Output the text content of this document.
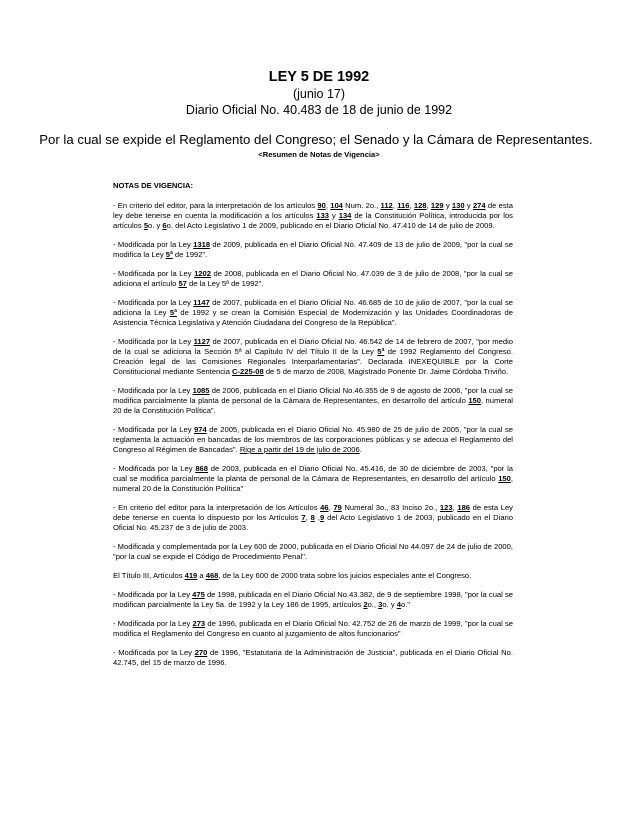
LEY 5 DE 1992
(junio 17)
Diario Oficial No. 40.483 de 18 de junio de 1992
Por la cual se expide el Reglamento del Congreso; el Senado y la Cámara de Representantes.
<Resumen de Notas de Vigencia>
NOTAS DE VIGENCIA:
- En criterio del editor, para la interpretación de los artículos 90, 104 Num. 2o., 112, 116, 128, 129 y 130 y 274 de esta ley debe tenerse en cuenta la modificación a los artículos 133 y 134 de la Constitución Política, introducida por los artículos 5o. y 6o. del Acto Legislativo 1 de 2009, publicado en el Diario Oficial No. 47.410 de 14 de julio de 2009.
- Modificada por la Ley 1318 de 2009, publicada en el Diario Oficial No. 47.409 de 13 de julio de 2009, "por la cual se modifica la Ley 5ª de 1992".
- Modificada por la Ley 1202 de 2008, publicada en el Diario Oficial No. 47.039 de 3 de julio de 2008, "por la cual se adiciona el artículo 57 de la Ley 5ª de 1992".
- Modificada por la Ley 1147 de 2007, publicada en el Diario Oficial No. 46.685 de 10 de julio de 2007, "por la cual se adiciona la Ley 5ª de 1992 y se crean la Comisión Especial de Modernización y las Unidades Coordinadoras de Asistencia Técnica Legislativa y Atención Ciudadana del Congreso de la República".
- Modificada por la Ley 1127 de 2007, publicada en el Diario Oficial No. 46.542 de 14 de febrero de 2007, "por medio de la cual se adiciona la Sección 5ª al Capítulo IV del Título II de la Ley 5ª de 1992 Reglamento del Congreso. Creación legal de las Comisiones Regionales Interparlamentarias". Declarada INEXEQUIBLE por la Corte Constitucional mediante Sentencia C-225-08 de 5 de marzo de 2008, Magistrado Ponente Dr. Jaime Córdoba Triviño.
- Modificada por la Ley 1085 de 2006, publicada en el Diario Oficial No.46.355 de 9 de agosto de 2006, "por la cual se modifica parcialmente la planta de personal de la Cámara de Representantes, en desarrollo del artículo 150, numeral 20 de la Constitución Política".
- Modificada por la Ley 974 de 2005, publicada en el Diario Oficial No. 45.980 de 25 de julio de 2005, "por la cual se reglamenta la actuación en bancadas de los miembros de las corporaciones públicas y se adecua el Reglamento del Congreso al Régimen de Bancadas". Rige a partir del 19 de julio de 2006.
- Modificada por la Ley 868 de 2003, publicada en el Diario Oficial No. 45.416, de 30 de diciembre de 2003, "por la cual se modifica parcialmente la planta de personal de la Cámara de Representantes, en desarrollo del artículo 150, numeral 20 de la Constitución Política"
- En criterio del editor para la interpretación de los Artículos 46, 79 Numeral 3o., 83 Inciso 2o., 123, 186 de esta Ley debe tenerse en cuenta lo dispuesto por los Artículos 7, 8 ,9 del Acto Legislativo 1 de 2003, publicado en el Diario Oficial No. 45.237 de 3 de julio de 2003.
- Modificada y complementada por la Ley 600 de 2000, publicada en el Diario Oficial No 44.097 de 24 de julio de 2000, "por la cual se expide el Código de Procedimiento Penal".
El Título III, Artículos 419 a 468, de la Ley 600 de 2000 trata sobre los juicios especiales ante el Congreso.
- Modificada por la Ley 475 de 1998, publicada en el Diario Oficial No.43.382, de 9 de septiembre 1998, "por la cual se modifican parcialmente la Ley 5a. de 1992 y la Ley 186 de 1995, artículos 2o., 3o. y 4o."
- Modificada por la Ley 273 de 1996, publicada en el Diario Oficial No. 42.752 de 26 de marzo de 1999, "por la cual se modifica el Reglamento del Congreso en cuanto al juzgamiento de altos funcionarios"
- Modificada por la Ley 270 de 1996, "Estatutaria de la Administración de Justicia", publicada en el Diario Oficial No. 42.745, del 15 de marzo de 1996.
